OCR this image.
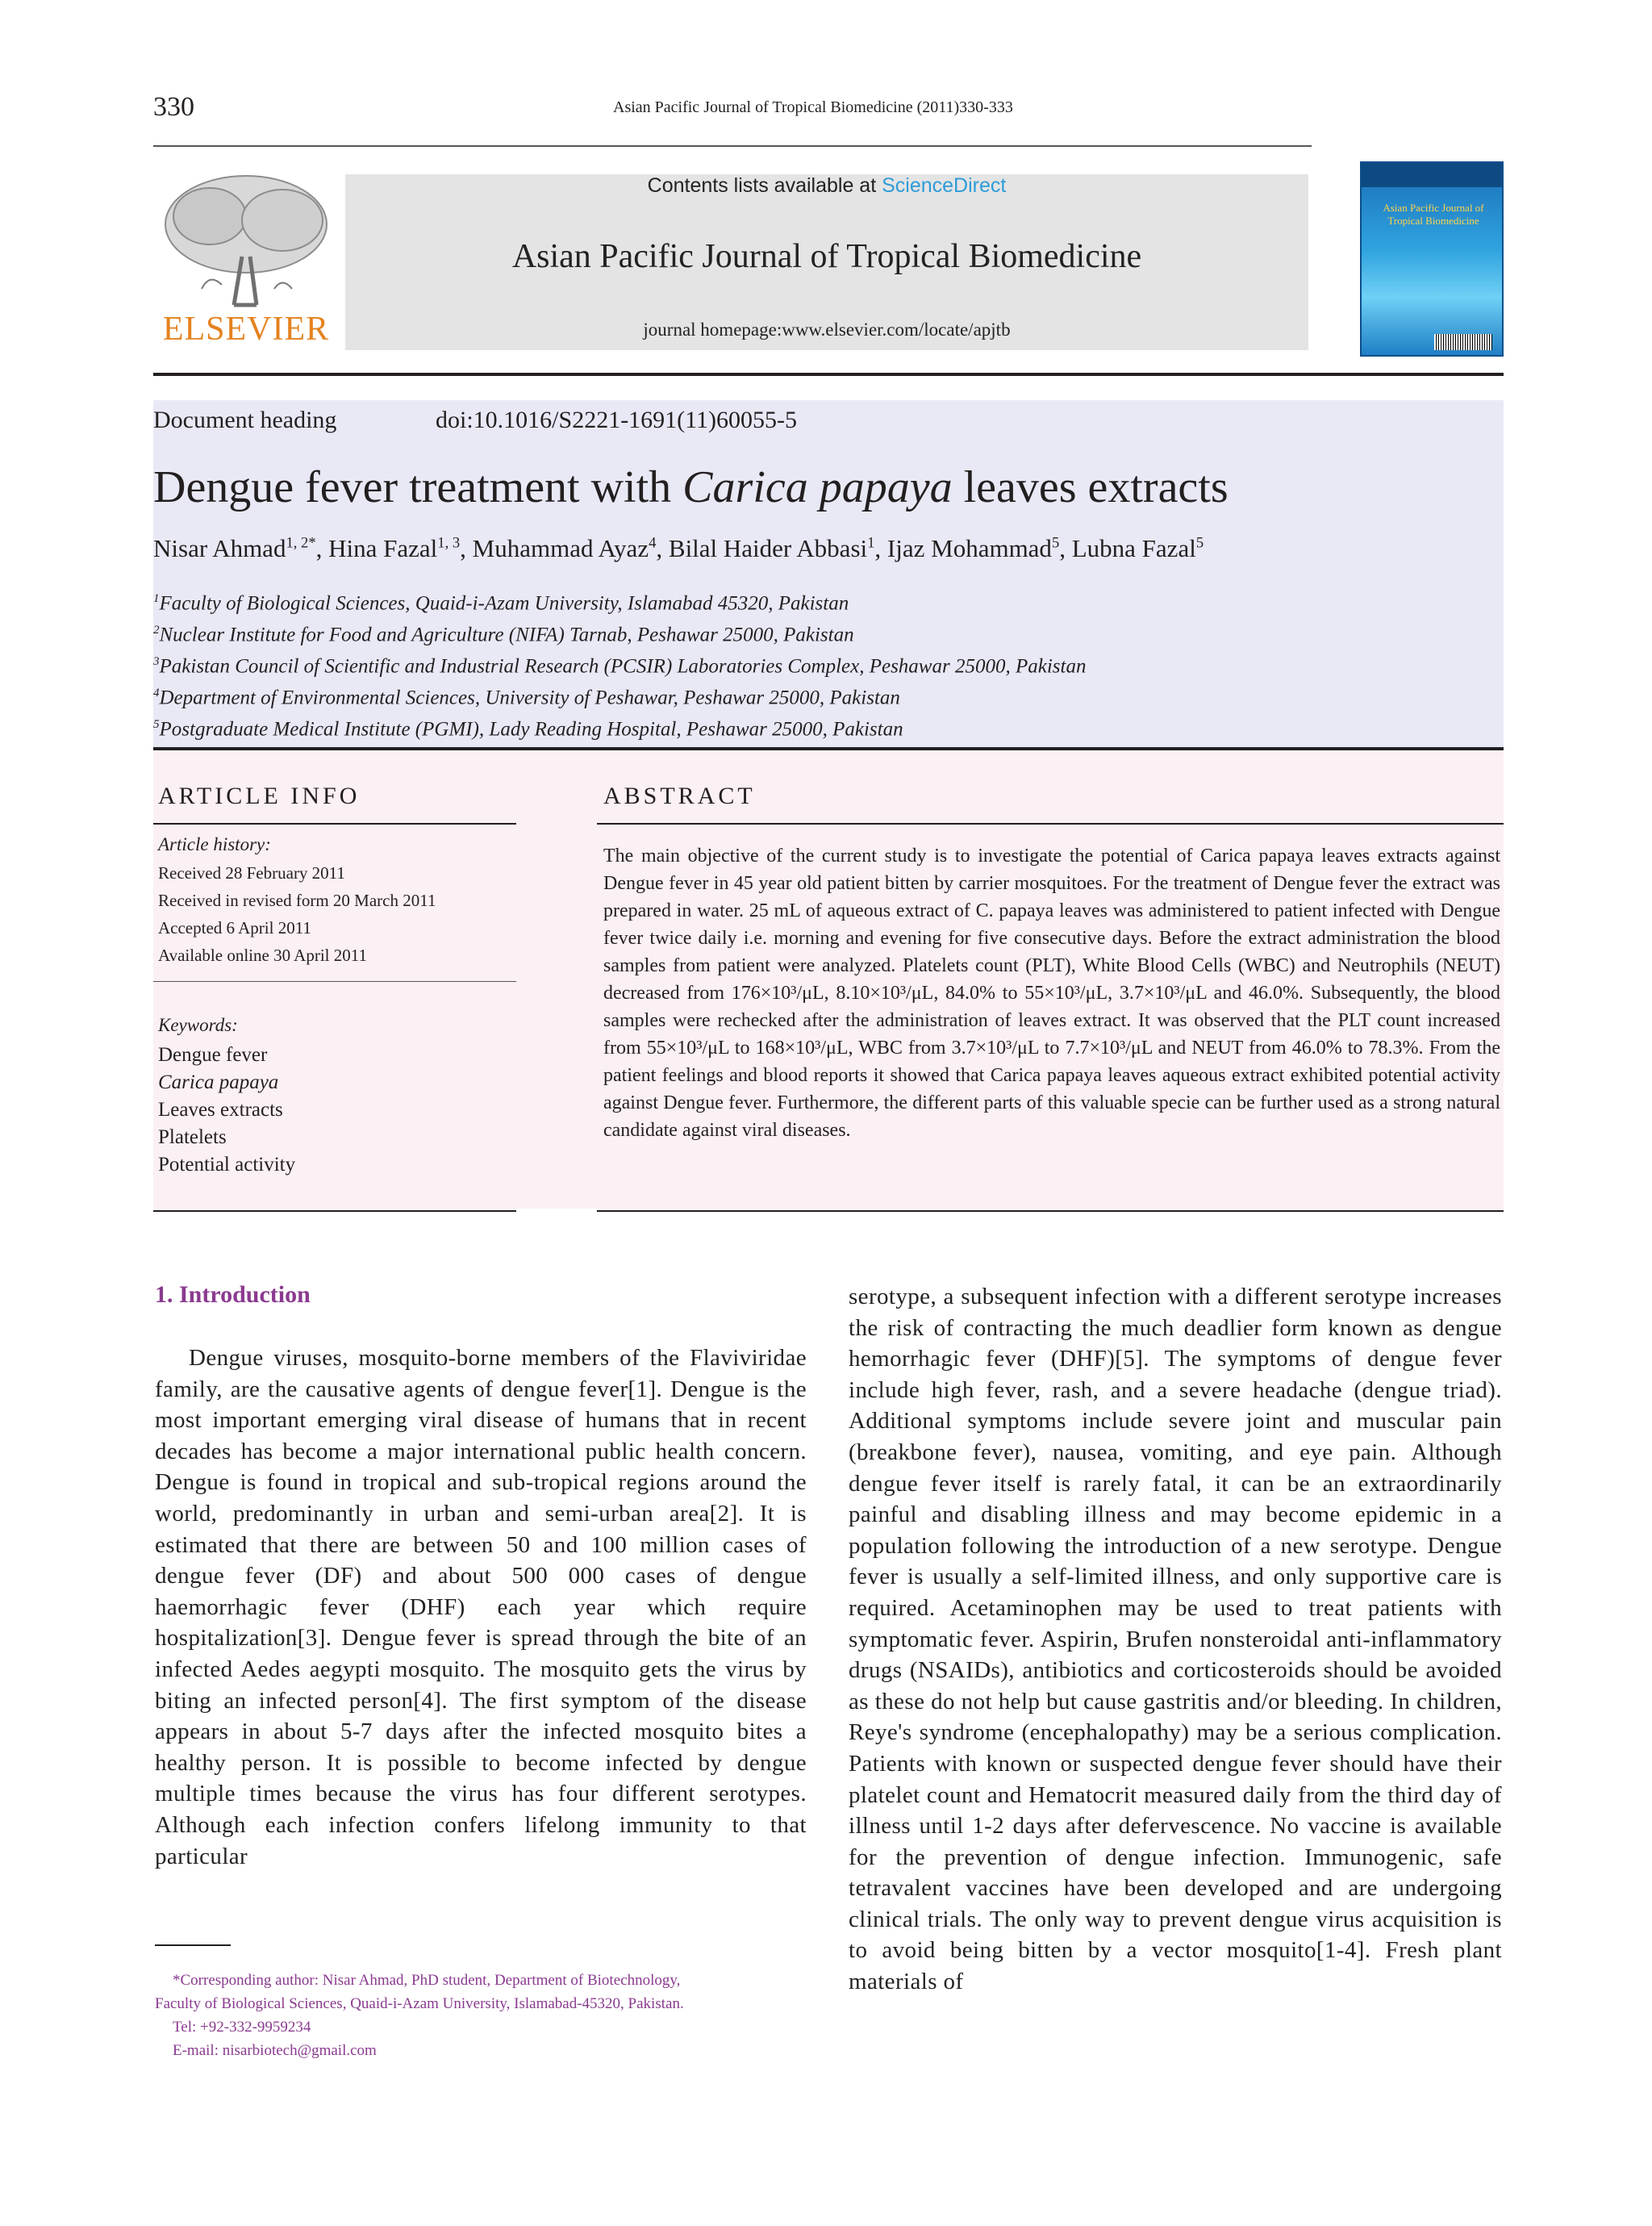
330	Asian Pacific Journal of Tropical Biomedicine (2011)330-333
ELSEVIER
Contents lists available at ScienceDirect
Asian Pacific Journal of Tropical Biomedicine
journal homepage:www.elsevier.com/locate/apjtb
Asian Pacific Journal of Tropical Biomedicine
Document heading	doi:10.1016/S2221-1691(11)60055-5
Dengue fever treatment with Carica papaya leaves extracts
Nisar Ahmad$^{1, 2*}$, Hina Fazal$^{1, 3}$, Muhammad Ayaz$^4$, Bilal Haider Abbasi$^1$, Ijaz Mohammad$^5$, Lubna Fazal$^5$
$^1$Faculty of Biological Sciences, Quaid-i-Azam University, Islamabad 45320, Pakistan
$^2$Nuclear Institute for Food and Agriculture (NIFA) Tarnab, Peshawar 25000, Pakistan
$^3$Pakistan Council of Scientific and Industrial Research (PCSIR) Laboratories Complex, Peshawar 25000, Pakistan
$^4$Department of Environmental Sciences, University of Peshawar, Peshawar 25000, Pakistan
$^5$Postgraduate Medical Institute (PGMI), Lady Reading Hospital, Peshawar 25000, Pakistan
ARTICLE INFO	ABSTRACT
Article history:
Received 28 February 2011
Received in revised form 20 March 2011
Accepted 6 April 2011
Available online 30 April 2011
Keywords:
Dengue fever
Carica papaya
Leaves extracts
Platelets
Potential activity
The main objective of the current study is to investigate the potential of Carica papaya leaves extracts against Dengue fever in 45 year old patient bitten by carrier mosquitoes. For the treatment of Dengue fever the extract was prepared in water. 25 mL of aqueous extract of C. papaya leaves was administered to patient infected with Dengue fever twice daily i.e. morning and evening for five consecutive days. Before the extract administration the blood samples from patient were analyzed. Platelets count (PLT), White Blood Cells (WBC) and Neutrophils (NEUT) decreased from 176×10³/μL, 8.10×10³/μL, 84.0% to 55×10³/μL, 3.7×10³/μL and 46.0%. Subsequently, the blood samples were rechecked after the administration of leaves extract. It was observed that the PLT count increased from 55×10³/μL to 168×10³/μL, WBC from 3.7×10³/μL to 7.7×10³/μL and NEUT from 46.0% to 78.3%. From the patient feelings and blood reports it showed that Carica papaya leaves aqueous extract exhibited potential activity against Dengue fever. Furthermore, the different parts of this valuable specie can be further used as a strong natural candidate against viral diseases.
1. Introduction

Dengue viruses, mosquito-borne members of the Flaviviridae family, are the causative agents of dengue fever[1]. Dengue is the most important emerging viral disease of humans that in recent decades has become a major international public health concern. Dengue is found in tropical and sub-tropical regions around the world, predominantly in urban and semi-urban area[2]. It is estimated that there are between 50 and 100 million cases of dengue fever (DF) and about 500 000 cases of dengue haemorrhagic fever (DHF) each year which require hospitalization[3]. Dengue fever is spread through the bite of an infected Aedes aegypti mosquito. The mosquito gets the virus by biting an infected person[4]. The first symptom of the disease appears in about 5-7 days after the infected mosquito bites a healthy person. It is possible to become infected by dengue multiple times because the virus has four different serotypes. Although each infection confers lifelong immunity to that particular

serotype, a subsequent infection with a different serotype increases the risk of contracting the much deadlier form known as dengue hemorrhagic fever (DHF)[5]. The symptoms of dengue fever include high fever, rash, and a severe headache (dengue triad). Additional symptoms include severe joint and muscular pain (breakbone fever), nausea, vomiting, and eye pain. Although dengue fever itself is rarely fatal, it can be an extraordinarily painful and disabling illness and may become epidemic in a population following the introduction of a new serotype. Dengue fever is usually a self-limited illness, and only supportive care is required. Acetaminophen may be used to treat patients with symptomatic fever. Aspirin, Brufen nonsteroidal anti-inflammatory drugs (NSAIDs), antibiotics and corticosteroids should be avoided as these do not help but cause gastritis and/or bleeding. In children, Reye's syndrome (encephalopathy) may be a serious complication. Patients with known or suspected dengue fever should have their platelet count and Hematocrit measured daily from the third day of illness until 1-2 days after defervescence. No vaccine is available for the prevention of dengue infection. Immunogenic, safe tetravalent vaccines have been developed and are undergoing clinical trials. The only way to prevent dengue virus acquisition is to avoid being bitten by a vector mosquito[1-4]. Fresh plant materials of

*Corresponding author: Nisar Ahmad, PhD student, Department of Biotechnology,

Faculty of Biological Sciences, Quaid-i-Azam University, Islamabad-45320, Pakistan.

Tel: +92-332-9959234

E-mail: nisarbiotech@gmail.com
